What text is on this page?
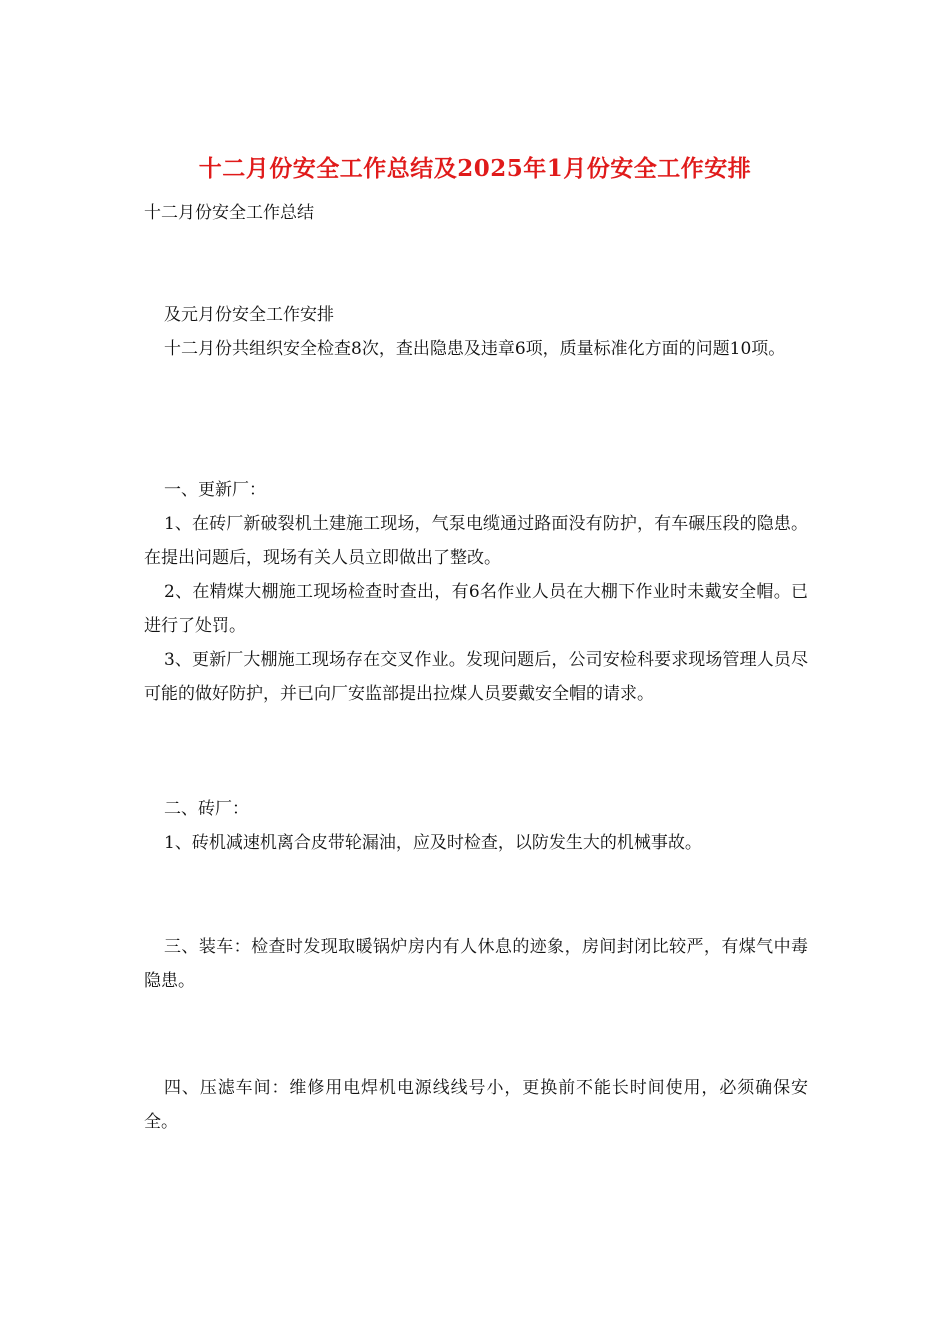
十二月份安全工作总结及2025年1月份安全工作安排

十二月份安全工作总结

及元月份安全工作安排

十二月份共组织安全检查8次，查出隐患及违章6项，质量标准化方面的问题10项。

一、更新厂：

1、在砖厂新破裂机土建施工现场，气泵电缆通过路面没有防护，有车碾压段的隐患。在提出问题后，现场有关人员立即做出了整改。

2、在精煤大棚施工现场检查时查出，有6名作业人员在大棚下作业时未戴安全帽。已进行了处罚。

3、更新厂大棚施工现场存在交叉作业。发现问题后，公司安检科要求现场管理人员尽可能的做好防护，并已向厂安监部提出拉煤人员要戴安全帽的请求。

二、砖厂：

1、砖机减速机离合皮带轮漏油，应及时检查，以防发生大的机械事故。

三、装车：检查时发现取暖锅炉房内有人休息的迹象，房间封闭比较严，有煤气中毒隐患。

四、压滤车间：维修用电焊机电源线线号小，更换前不能长时间使用，必须确保安全。
